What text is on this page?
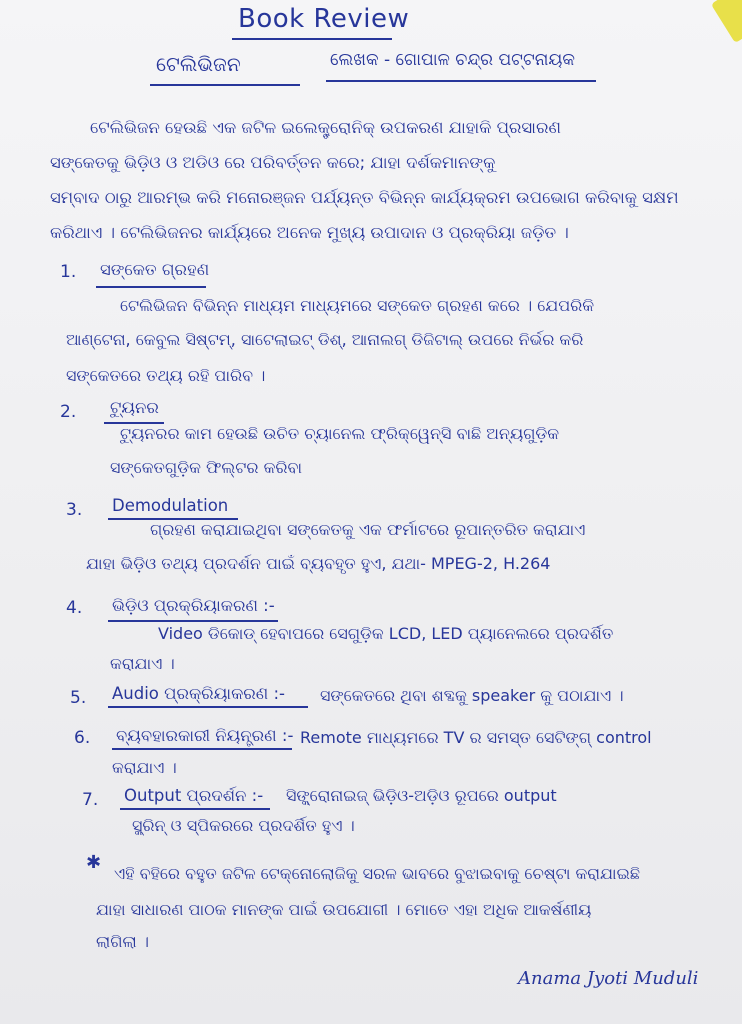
Book Review
ଟେଲିଭିଜନ	ଲେଖକ - ଗୋପାଳ ଚନ୍ଦ୍ର ପଟ୍ଟନାୟକ
ଟେଲିଭିଜନ ହେଉଛି ଏକ ଜଟିଳ ଇଲେକ୍ଟ୍ରୋନିକ୍ ଉପକରଣ ଯାହାକି ପ୍ରସାରଣ
ସଙ୍କେତକୁ ଭିଡ଼ିଓ ଓ ଅଡିଓ ରେ ପରିବର୍ତ୍ତନ କରେ; ଯାହା ଦର୍ଶକମାନଙ୍କୁ
ସମ୍ବାଦ ଠାରୁ ଆରମ୍ଭ କରି ମନୋରଞ୍ଜନ ପର୍ଯ୍ୟନ୍ତ ବିଭିନ୍ନ କାର୍ଯ୍ୟକ୍ରମ ଉପଭୋଗ କରିବାକୁ ସକ୍ଷମ
କରିଥାଏ । ଟେଲିଭିଜନର କାର୍ଯ୍ୟରେ ଅନେକ ମୁଖ୍ୟ ଉପାଦାନ ଓ ପ୍ରକ୍ରିୟା ଜଡ଼ିତ ।
1. ସଙ୍କେତ ଗ୍ରହଣ
ଟେଲିଭିଜନ ବିଭିନ୍ନ ମାଧ୍ୟମ ମାଧ୍ୟମରେ ସଙ୍କେତ ଗ୍ରହଣ କରେ । ଯେପରିକି
ଆଣ୍ଟେନା, କେବୁଲ ସିଷ୍ଟମ୍, ସାଟେଲାଇଟ୍ ଡିଶ୍, ଆନାଲଗ୍ ଡିଜିଟାଲ୍ ଉପରେ ନିର୍ଭର କରି
ସଙ୍କେତରେ ତଥ୍ୟ ରହି ପାରିବ ।
2. ଟ୍ୟୁନର
ଟ୍ୟୁନରର କାମ ହେଉଛି ଉଚିତ ଚ୍ୟାନେଲ ଫ୍ରିକ୍ୱେନ୍ସି ବାଛି ଅନ୍ୟଗୁଡ଼ିକ
ସଙ୍କେତଗୁଡ଼ିକ ଫିଲ୍ଟର କରିବା
3. Demodulation
ଗ୍ରହଣ କରାଯାଇଥିବା ସଙ୍କେତକୁ ଏକ ଫର୍ମାଟରେ ରୂପାନ୍ତରିତ କରାଯାଏ
ଯାହା ଭିଡ଼ିଓ ତଥ୍ୟ ପ୍ରଦର୍ଶନ ପାଇଁ ବ୍ୟବହୃତ ହୁଏ, ଯଥା- MPEG-2, H.264
4. ଭିଡ଼ିଓ ପ୍ରକ୍ରିୟାକରଣ :-
Video ଡିକୋଡ୍ ହେବାପରେ ସେଗୁଡ଼ିକ LCD, LED ପ୍ୟାନେଲରେ ପ୍ରଦର୍ଶିତ
କରାଯାଏ ।
5. Audio ପ୍ରକ୍ରିୟାକରଣ :- ସଙ୍କେତରେ ଥିବା ଶବ୍ଦକୁ speaker କୁ ପଠାଯାଏ ।
6. ବ୍ୟବହାରକାରୀ ନିୟନ୍ତ୍ରଣ :- Remote ମାଧ୍ୟମରେ TV ର ସମସ୍ତ ସେଟିଙ୍ଗ୍ control
କରାଯାଏ ।
7. Output ପ୍ରଦର୍ଶନ :- ସିଙ୍କ୍ରୋନାଇଜ୍ ଭିଡ଼ିଓ-ଅଡ଼ିଓ ରୂପରେ output
ସ୍କ୍ରିନ୍ ଓ ସ୍ପିକରରେ ପ୍ରଦର୍ଶିତ ହୁଏ ।
✱
ଏହି ବହିରେ ବହୁତ ଜଟିଳ ଟେକ୍ନୋଲୋଜିକୁ ସରଳ ଭାବରେ ବୁଝାଇବାକୁ ଚେଷ୍ଟା କରାଯାଇଛି
ଯାହା ସାଧାରଣ ପାଠକ ମାନଙ୍କ ପାଇଁ ଉପଯୋଗୀ । ମୋତେ ଏହା ଅଧିକ ଆକର୍ଷଣୀୟ
ଲାଗିଲା ।
Anama Jyoti Muduli
